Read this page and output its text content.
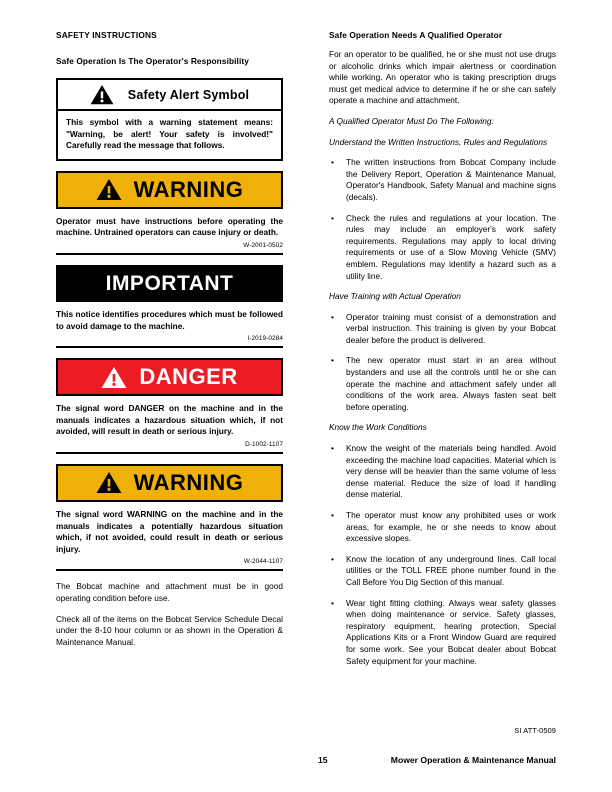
SAFETY INSTRUCTIONS
Safe Operation Is The Operator's Responsibility
Safety Alert Symbol
This symbol with a warning statement means: "Warning, be alert! Your safety is involved!" Carefully read the message that follows.
WARNING

Operator must have instructions before operating the machine. Untrained operators can cause injury or death.

W-2001-0502

IMPORTANT

This notice identifies procedures which must be followed to avoid damage to the machine.

I-2019-0284

DANGER

The signal word DANGER on the machine and in the manuals indicates a hazardous situation which, if not avoided, will result in death or serious injury.

D-1002-1107

WARNING

The signal word WARNING on the machine and in the manuals indicates a potentially hazardous situation which, if not avoided, could result in death or serious injury.

W-2044-1107

The Bobcat machine and attachment must be in good operating condition before use.

Check all of the items on the Bobcat Service Schedule Decal under the 8-10 hour column or as shown in the Operation & Maintenance Manual.

Safe Operation Needs A Qualified Operator

For an operator to be qualified, he or she must not use drugs or alcoholic drinks which impair alertness or coordination while working. An operator who is taking prescription drugs must get medical advice to determine if he or she can safely operate a machine and attachment.

A Qualified Operator Must Do The Following:

Understand the Written Instructions, Rules and Regulations

• The written instructions from Bobcat Company include the Delivery Report, Operation & Maintenance Manual, Operator's Handbook, Safety Manual and machine signs (decals).
• Check the rules and regulations at your location. The rules may include an employer's work safety requirements. Regulations may apply to local driving requirements or use of a Slow Moving Vehicle (SMV) emblem. Regulations may identify a hazard such as a utility line.

Have Training with Actual Operation

• Operator training must consist of a demonstration and verbal instruction. This training is given by your Bobcat dealer before the product is delivered.
• The new operator must start in an area without bystanders and use all the controls until he or she can operate the machine and attachment safely under all conditions of the work area. Always fasten seat belt before operating.

Know the Work Conditions

• Know the weight of the materials being handled. Avoid exceeding the machine load capacities. Material which is very dense will be heavier than the same volume of less dense material. Reduce the size of load if handling dense material.
• The operator must know any prohibited uses or work areas, for example, he or she needs to know about excessive slopes.
• Know the location of any underground lines. Call local utilities or the TOLL FREE phone number found in the Call Before You Dig Section of this manual.
• Wear tight fitting clothing. Always wear safety glasses when doing maintenance or service. Safety glasses, respiratory equipment, hearing protection, Special Applications Kits or a Front Window Guard are required for some work. See your Bobcat dealer about Bobcat Safety equipment for your machine.
SI ATT-0509
15	Mower Operation & Maintenance Manual
